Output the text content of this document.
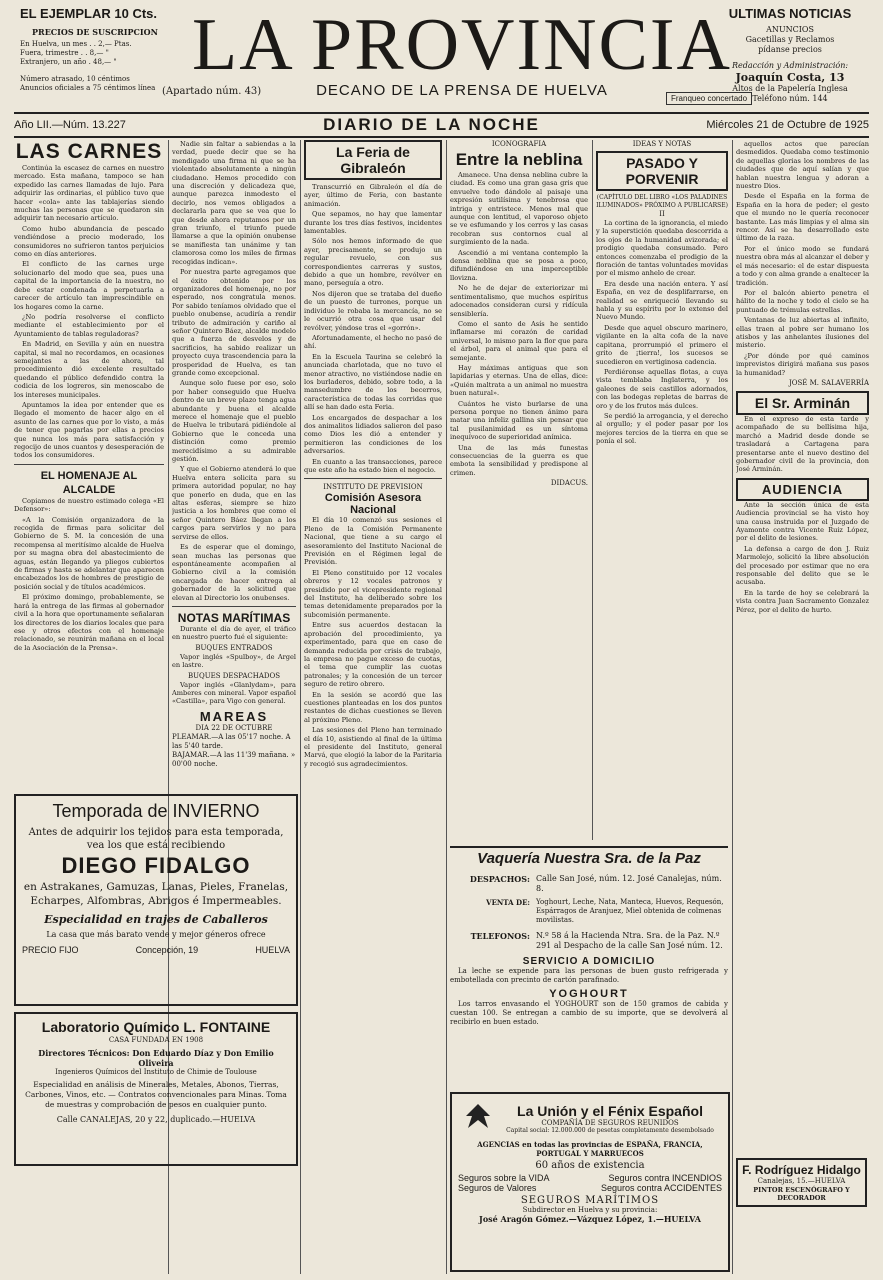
EL EJEMPLAR 10 Cts.
PRECIOS DE SUSCRIPCION
En Huelva, un mes . . 2,— Ptas.
Fuera, trimestre . . 8,— "
Extranjero, un año . 48,— "
Número atrasado, 10 céntimos
Anuncios oficiales a 75 céntimos línea
LA PROVINCIA
DECANO DE LA PRENSA DE HUELVA
(Apartado núm. 43)
Franqueo concertado
ULTIMAS NOTICIAS
ANUNCIOS
Gacetillas y Reclamos
pídanse precios
Redacción y Administración:
Joaquín Costa, 13
Altos de la Papelería Inglesa
Teléfono núm. 144
Año LII.—Núm. 13.227	DIARIO DE LA NOCHE	Miércoles 21 de Octubre de 1925
LAS CARNES

Continúa la escasez de carnes en nuestro mercado. Esta mañana, tampoco se han expedido las carnes llamadas de lujo. Para adquirir las ordinarias, el público tuvo que hacer «cola» ante las tablajerías siendo muchas las personas que se quedaron sin adquirir tan necesario artículo.

Como hubo abundancia de pescado vendiéndose a precio moderado, los consumidores no sufrieron tantos perjuicios como en días anteriores.

El conflicto de las carnes urge solucionarlo del modo que sea, pues una capital de la importancia de la nuestra, no debe estar condenada a perpetuarla a carecer de artículo tan imprescindible en los hogares como la carne.

¿No podría resolverse el conflicto mediante el establecimiento por el Ayuntamiento de tablas reguladoras?

En Madrid, en Sevilla y aún en nuestra capital, si mal no recordamos, en ocasiones semejantes a las de ahora, tal procedimiento dió excelente resultado quedando el público defendido contra la codicia de los logreros, sin menoscabo de los intereses municipales.

Apuntamos la idea por entender que es llegado el momento de hacer algo en el asunto de las carnes que por lo visto, a más de tener que pagarlas por ellas a precios que nunca los más para satisfacción y regocijo de unos cuantos y desesperación de todos los consumidores.

EL HOMENAJE AL ALCALDE

Copiamos de nuestro estimado colega «El Defensor»:

«A la Comisión organizadora de la recogida de firmas para solicitar del Gobierno de S. M. la concesión de una recompensa al meritísimo alcalde de Huelva por su magna obra del abastecimiento de aguas, están llegando ya pliegos cubiertos de firmas y hasta se adelantar que aparecen encabezados los de hombres de prestigio de posición social y de títulos académicos.

El próximo domingo, probablemente, se hará la entrega de las firmas al gobernador civil a la hora que oportunamente señalaran los directores de los diarios locales que para ese y otros efectos con el homenaje relacionado, se reunirán mañana en el local de la Asociación de la Prensa».

Nadie sin faltar a sabiendas a la verdad, puede decir que se ha mendigado una firma ni que se ha violentado absolutamente a ningún ciudadano. Hemos procedido con una discreción y delicadeza que, aunque parezca inmodesto el decirlo, nos vemos obligados a declararla para que se vea que lo que desde ahora reputamos por un gran triunfo, el triunfo puede llamarse a que la opinión onubense se manifiesta tan unánime y tan clamorosa como los miles de firmas recogidas indican».

Por nuestra parte agregamos que el éxito obtenido por los organizadores del homenaje, no por esperado, nos congratula menos. Por sabido teníamos olvidado que el pueblo onubense, acudiría a rendir tributo de admiración y cariño al señor Quintero Báez, alcalde modelo que a fuerza de desvelos y de sacrificios, ha sabido realizar un proyecto cuya trascendencia para la prosperidad de Huelva, es tan grande como excepcional.

Aunque solo fuese por eso, solo por haber conseguido que Huelva dentro de un breve plazo tenga agua abundante y buena el alcalde merece el homenaje que el pueblo de Huelva le tributará pidiéndole al Gobierno que le conceda una distinción como premio merecidísimo a su admirable gestión.

Y que el Gobierno atenderá lo que Huelva entera solicita para su primera autoridad popular, no hay que ponerlo en duda, que en las altas esferas, siempre se hizo justicia a los hombres que como el señor Quintero Báez llegan a los cargos para servirlos y no para servirse de ellos.

Es de esperar que el domingo, sean muchas las personas que espontáneamente acompañen al Gobierno civil a la comisión encargada de hacer entrega al gobernador de la solicitud que elevan al Directorio los onubenses.

NOTAS MARÍTIMAS

Durante el día de ayer, el tráfico en nuestro puerto fué el siguiente:

BUQUES ENTRADOS

Vapor inglés «Spulboy», de Argel en lastre.

BUQUES DESPACHADOS

Vapor inglés «Glanlydam», para Amberes con mineral. Vapor español «Castilla», para Vigo con general.

MAREAS
DIA 22 DE OCTUBRE
PLEAMAR.—A las 05'17 noche. A las 5'40 tarde.
BAJAMAR.—A las 11'39 mañana. » 00'00 noche.
Temporada de INVIERNO
Antes de adquirir los tejidos para esta temporada, vea los que está recibiendo
DIEGO FIDALGO
en Astrakanes, Gamuzas, Lanas, Pieles, Franelas, Echarpes, Alfombras, Abrigos é Impermeables.
Especialidad en trajes de Caballeros
La casa que más barato vende y mejor géneros ofrece
PRECIO FIJO	Concepción, 19	HUELVA
Laboratorio Químico L. FONTAINE
CASA FUNDADA EN 1908
Directores Técnicos: Don Eduardo Díaz y Don Emilio Oliveira
Ingenieros Químicos del Instituto de Chimie de Toulouse
Especialidad en análisis de Minerales, Metales, Abonos, Tierras, Carbones, Vinos, etc. — Contratos convencionales para Minas. Toma de muestras y comprobación de pesos en cualquier punto.
Calle CANALEJAS, 20 y 22, duplicado.—HUELVA
La Feria de Gibraleón

Transcurrió en Gibraleón el día de ayer, último de Feria, con bastante animación.

Que sepamos, no hay que lamentar durante los tres días festivos, incidentes lamentables.

Sólo nos hemos informado de que ayer, precisamente, se produjo un regular revuelo, con sus correspondientes carreras y sustos, debido a que un hombre, revólver en mano, perseguía a otro.

Nos dijeron que se trataba del dueño de un puesto de turrones, porque un individuo le robaba la mercancía, no se le ocurrió otra cosa que usar del revólver, yéndose tras el «gorrón».

Afortunadamente, el hecho no pasó de ahí.

En la Escuela Taurina se celebró la anunciada charlotada, que no tuvo el menor atractivo, no vistiéndose nadie en los burladeros, debido, sobre todo, a la mansedumbre de los becerros, característica de todas las corridas que allí se han dado esta Feria.

Los encargados de despachar a los dos animalitos lidiados salieron del paso como Dios les dió a entender y permitieron las condiciones de los adversarios.

En cuanto a las transacciones, parece que este año ha estado bien el negocio.

INSTITUTO DE PREVISION
Comisión Asesora Nacional

El día 10 comenzó sus sesiones el Pleno de la Comisión Permanente Nacional, que tiene a su cargo el asesoramiento del Instituto Nacional de Previsión en el Régimen legal de Previsión.

El Pleno constituido por 12 vocales obreros y 12 vocales patronos y presidido por el vicepresidente regional del Instituto, ha deliberado sobre los temas detenidamente preparados por la subcomisión permanente.

Entre sus acuerdos destacan la aprobación del procedimiento, ya experimentado, para que en caso de demanda reducida por crisis de trabajo, la empresa no pague exceso de cuotas, el tema que cumplir las cuotas patronales; y la concesión de un tercer seguro de retiro obrero.

En la sesión se acordó que las cuestiones planteadas en los dos puntos restantes de dichas cuestiones se lleven al próximo Pleno.

Las sesiones del Pleno han terminado el día 10, asistiendo al final de la última el presidente del Instituto, general Marvá, que elogió la labor de la Paritaria y recogió sus agradecimientos.

ICONOGRAFIA
Entre la neblina

Amanece. Una densa neblina cubre la ciudad. Es como una gran gasa gris que envuelve todo dándole al paisaje una expresión sutilísima y tenebrosa que intriga y entristece. Menos mal que aunque con lentitud, el vaporoso objeto se ve esfumando y los cerros y las casas recobran sus contornos cual al surgimiento de la nada.

Ascendió a mi ventana contemplo la densa neblina que se posa a poco, difundiéndose en una imperceptible llovizna.

No he de dejar de exteriorizar mi sentimentalismo, que muchos espíritus adocenados consideran cursi y ridícula sensiblería.

Como el santo de Asís he sentido inflamarse mi corazón de caridad universal, lo mismo para la flor que para el árbol, para el animal que para el semejante.

Hay máximas antiguas que son lapidarias y eternas. Una de ellas, dice: «Quién maltrata a un animal no muestra buen natural».

Cuántos he visto burlarse de una persona porque no tienen ánimo para matar una infeliz gallina sin pensar que tal pusilanimidad es un síntoma inequívoco de superioridad anímica.

Una de las más funestas consecuencias de la guerra es que embota la sensibilidad y predispone al crimen.

DIDACUS.
IDEAS Y NOTAS
PASADO Y PORVENIR
(CAPÍTULO DEL LIBRO «LOS PALADINES ILUMINADOS» PRÓXIMO A PUBLICARSE)
II

La cortina de la ignorancia, el miedo y la superstición quedaba descorrida a los ojos de la humanidad avizorada; el prodigio quedaba consumado. Pero entonces comenzaba el prodigio de la floración de tantas voluntades movidas por el mismo anhelo de crear.

Era desde una nación entera. Y así España, en vez de desplifarrarse, en realidad se enriqueció llevando su habla y su espíritu por lo extenso del Nuevo Mundo.

Desde que aquel obscuro marinero, vigilante en la alta cofa de la nave capitana, prorrumpió el primero el grito de ¡tierra!, los sucesos se sucedieron en vertiginosa cadencia.

Perdiéronse aquellas flotas, a cuya vista temblaba Inglaterra, y los galeones de seis castillos adornados, con las bodegas repletas de barras de oro y de los frutos más dulces.

Se perdió la arrogancia, y el derecho al orgullo; y el poder pasar por los mejores tercios de la tierra en que se ponía el sol.

aquellos actos que parecían desmedidos. Quedaba como testimonio de aquellas glorias los nombres de las ciudades que de aquí salían y que hablan nuestra lengua y adoran a nuestro Dios.

Desde el España en la forma de España en la hora de peder; el gesto que el mundo no le quería reconocer bastante. Las más limpias y el alma sin rencor. Así se ha desarrollado este último de la raza.

Por el único modo se fundará nuestra obra más al alcanzar el deber y el más necesario: el de estar dispuesta a todo y con alma grande a enaltecer la tradición.

Por el balcón abierto penetra el hálito de la noche y todo el cielo se ha puntuado de trémulas estrellas.

Ventanas de luz abiertas al infinito, ellas traen al pobre ser humano los atisbos y las anhelantes ilusiones del misterio.

¿Por dónde por qué caminos imprevistos dirigirá mañana sus pasos la humanidad?

JOSÉ M. SALAVERRÍA
El Sr. Arminán

En el expreso de esta tarde y acompañado de su bellísima hija, marchó a Madrid desde donde se trasladará a Cartagena para presentarse ante el nuevo destino del gobernador civil de la provincia, don José Arminán.

AUDIENCIA

Ante la sección única de esta Audiencia provincial se ha visto hoy una causa instruida por el Juzgado de Ayamonte contra Vicente Ruiz López, por el delito de lesiones.

La defensa a cargo de don J. Ruiz Marmolejo, solicitó la libre absolución del procesado por estimar que no era responsable del delito que se le acusaba.

En la tarde de hoy se celebrará la vista contra Juan Sacramento Gonzalez Pérez, por el delito de hurto.

F. Rodríguez Hidalgo
Canalejas, 15.—HUELVA
PINTOR ESCENÓGRAFO Y DECORADOR
Vaquería Nuestra Sra. de la Paz
DESPACHOS: Calle San José, núm. 12. José Canalejas, núm. 8.
VENTA DE: Yoghourt, Leche, Nata, Manteca, Huevos, Requesón, Espárragos de Aranjuez, Miel obtenida de colmenas movilistas.
TELEFONOS: N.º 58 á la Hacienda Ntra. Sra. de la Paz. N.º 291 al Despacho de la calle San José núm. 12.
SERVICIO A DOMICILIO

La leche se expende para las personas de buen gusto refrigerada y embotellada con precinto de cartón parafinado.

YOGHOURT

Los tarros envasando el YOGHOURT son de 150 gramos de cabida y cuestan 100. Se entregan a cambio de su importe, que se devolverá al recibirlo en buen estado.

La Unión y el Fénix Español
COMPAÑÍA DE SEGUROS REUNIDOS
Capital social: 12.000.000 de pesetas completamente desembolsado
AGENCIAS en todas las provincias de ESPAÑA, FRANCIA, PORTUGAL Y MARRUECOS
60 años de existencia
Seguros sobre la VIDA	Seguros contra INCENDIOS
Seguros de Valores	Seguros contra ACCIDENTES
SEGUROS MARÍTIMOS
Subdirector en Huelva y su provincia:
José Aragón Gómez.—Vázquez López, 1.—HUELVA
